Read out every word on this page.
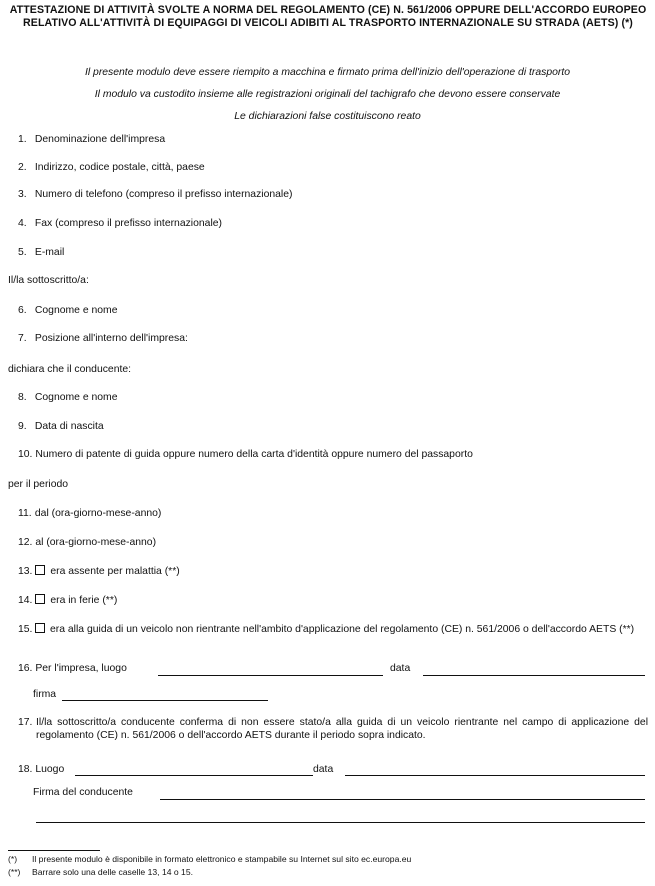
ATTESTAZIONE DI ATTIVITÀ SVOLTE A NORMA DEL REGOLAMENTO (CE) N. 561/2006 OPPURE DELL'ACCORDO EUROPEO RELATIVO ALL'ATTIVITÀ DI EQUIPAGGI DI VEICOLI ADIBITI AL TRASPORTO INTERNAZIONALE SU STRADA (AETS) (*)
Il presente modulo deve essere riempito a macchina e firmato prima dell'inizio dell'operazione di trasporto
Il modulo va custodito insieme alle registrazioni originali del tachigrafo che devono essere conservate
Le dichiarazioni false costituiscono reato
1. Denominazione dell'impresa
2. Indirizzo, codice postale, città, paese
3. Numero di telefono (compreso il prefisso internazionale)
4. Fax (compreso il prefisso internazionale)
5. E-mail
Il/la sottoscritto/a:
6. Cognome e nome
7. Posizione all'interno dell'impresa:
dichiara che il conducente:
8. Cognome e nome
9. Data di nascita
10. Numero di patente di guida oppure numero della carta d'identità oppure numero del passaporto
per il periodo
11. dal (ora-giorno-mese-anno)
12. al (ora-giorno-mese-anno)
13. era assente per malattia (**)
14. era in ferie (**)
15.	era alla guida di un veicolo non rientrante nell'ambito d'applicazione del regolamento (CE) n. 561/2006 o dell'accordo AETS (**)
16. Per l'impresa, luogo	data
firma
17. Il/la sottoscritto/a conducente conferma di non essere stato/a alla guida di un veicolo rientrante nel campo di applicazione del regolamento (CE) n. 561/2006 o dell'accordo AETS durante il periodo sopra indicato.
18. Luogo	data
Firma del conducente
(*) Il presente modulo è disponibile in formato elettronico e stampabile su Internet sul sito ec.europa.eu
(**) Barrare solo una delle caselle 13, 14 o 15.
